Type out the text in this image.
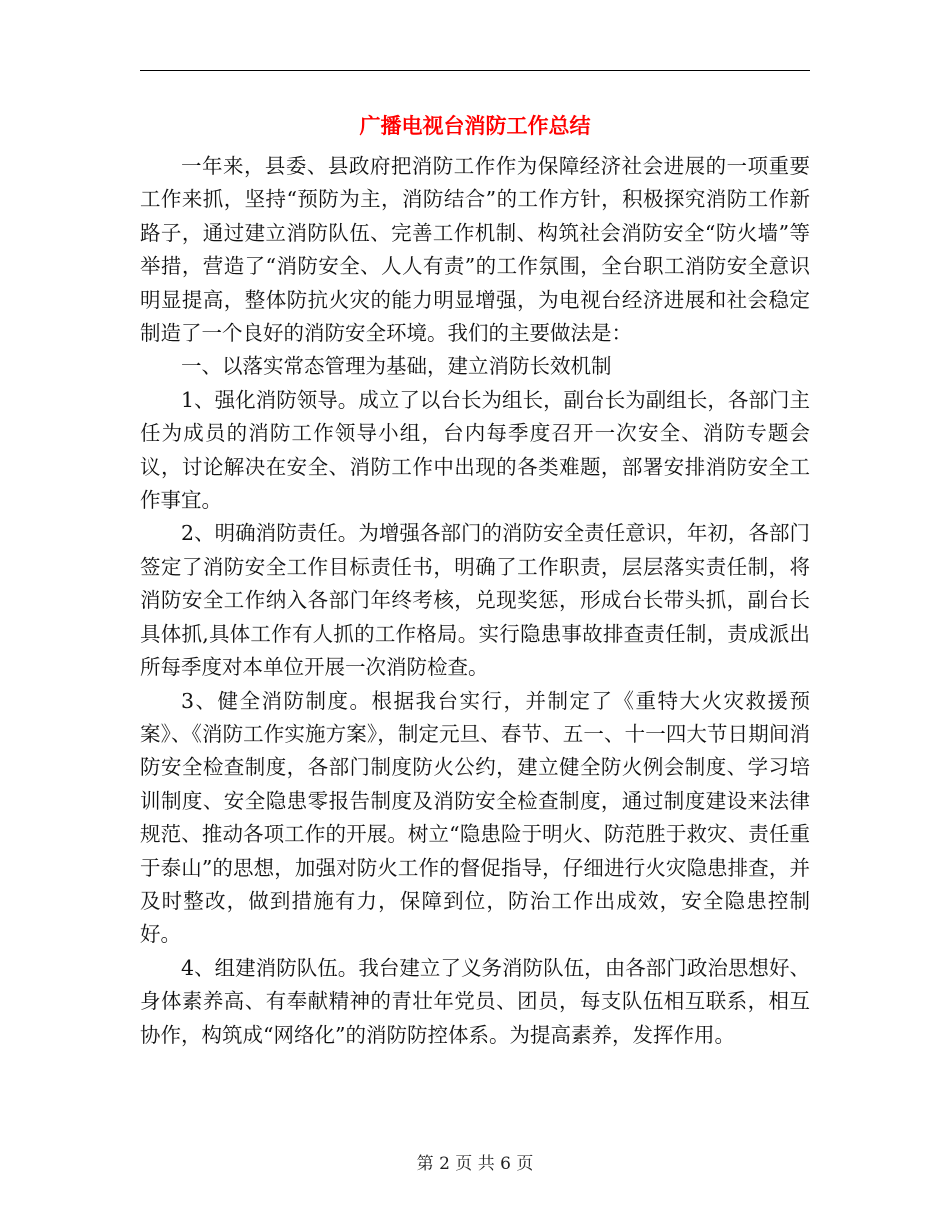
广播电视台消防工作总结

一年来，县委、县政府把消防工作作为保障经济社会进展的一项重要工作来抓，坚持“预防为主，消防结合”的工作方针，积极探究消防工作新路子，通过建立消防队伍、完善工作机制、构筑社会消防安全“防火墙”等举措，营造了“消防安全、人人有责”的工作氛围，全台职工消防安全意识明显提高，整体防抗火灾的能力明显增强，为电视台经济进展和社会稳定制造了一个良好的消防安全环境。我们的主要做法是：

一、以落实常态管理为基础，建立消防长效机制

1、强化消防领导。成立了以台长为组长，副台长为副组长，各部门主任为成员的消防工作领导小组，台内每季度召开一次安全、消防专题会议，讨论解决在安全、消防工作中出现的各类难题，部署安排消防安全工作事宜。

2、明确消防责任。为增强各部门的消防安全责任意识，年初，各部门签定了消防安全工作目标责任书，明确了工作职责，层层落实责任制，将消防安全工作纳入各部门年终考核，兑现奖惩，形成台长带头抓，副台长具体抓,具体工作有人抓的工作格局。实行隐患事故排查责任制，责成派出所每季度对本单位开展一次消防检查。

3、健全消防制度。根据我台实行，并制定了《重特大火灾救援预案》、《消防工作实施方案》，制定元旦、春节、五一、十一四大节日期间消防安全检查制度，各部门制度防火公约，建立健全防火例会制度、学习培训制度、安全隐患零报告制度及消防安全检查制度，通过制度建设来法律规范、推动各项工作的开展。树立“隐患险于明火、防范胜于救灾、责任重于泰山”的思想，加强对防火工作的督促指导，仔细进行火灾隐患排查，并及时整改，做到措施有力，保障到位，防治工作出成效，安全隐患控制好。

4、组建消防队伍。我台建立了义务消防队伍，由各部门政治思想好、身体素养高、有奉献精神的青壮年党员、团员，每支队伍相互联系，相互协作，构筑成“网络化”的消防防控体系。为提高素养，发挥作用。

第 2 页 共 6 页
